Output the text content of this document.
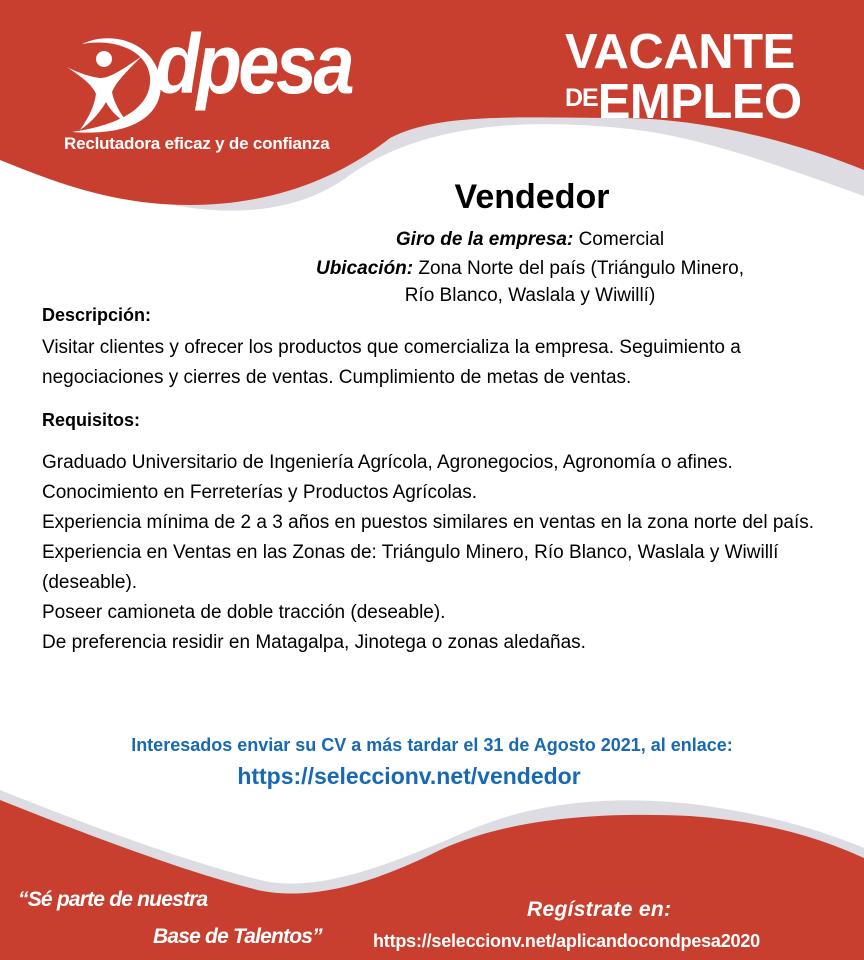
dpesa
Reclutadora eficaz y de confianza
VACANTE
DEEMPLEO
Vendedor
Giro de la empresa: Comercial
Ubicación: Zona Norte del país (Triángulo Minero,
Río Blanco, Waslala y Wiwillí)
Descripción:
Visitar clientes y ofrecer los productos que comercializa la empresa. Seguimiento a negociaciones y cierres de ventas. Cumplimiento de metas de ventas.
Requisitos:
Graduado Universitario de Ingeniería Agrícola, Agronegocios, Agronomía o afines.
Conocimiento en Ferreterías y Productos Agrícolas.
Experiencia mínima de 2 a 3 años en puestos similares en ventas en la zona norte del país.
Experiencia en Ventas en las Zonas de: Triángulo Minero, Río Blanco, Waslala y Wiwillí (deseable).
Poseer camioneta de doble tracción (deseable).
De preferencia residir en Matagalpa, Jinotega o zonas aledañas.
Interesados enviar su CV a más tardar el 31 de Agosto 2021, al enlace:
https://seleccionv.net/vendedor
“Sé parte de nuestra
Base de Talentos”
Regístrate en:
https://seleccionv.net/aplicandocondpesa2020
